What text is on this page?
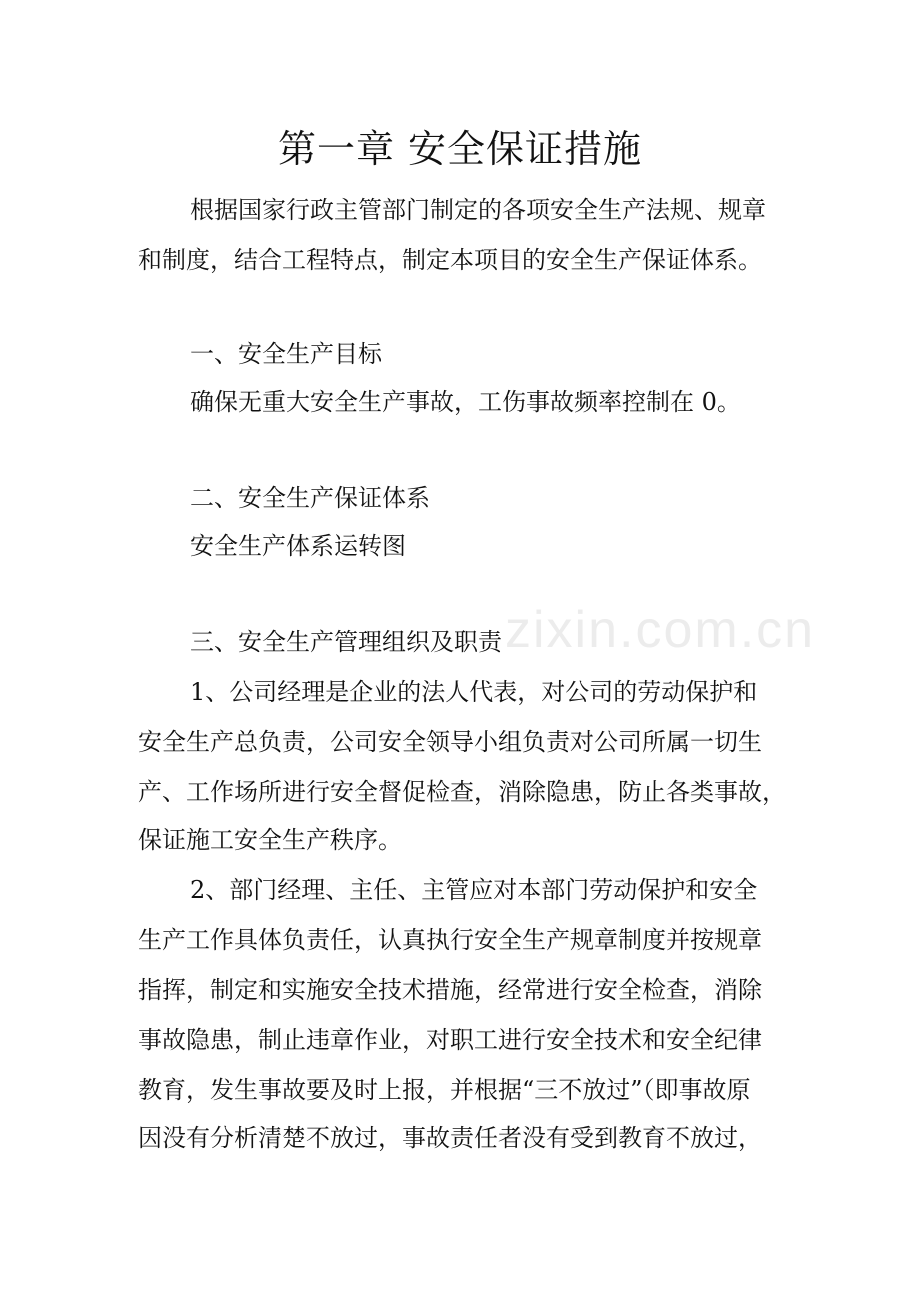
zixin.com.cn
第一章 安全保证措施
根据国家行政主管部门制定的各项安全生产法规、规章
和制度，结合工程特点，制定本项目的安全生产保证体系。
一、安全生产目标
确保无重大安全生产事故，工伤事故频率控制在 0。
二、安全生产保证体系
安全生产体系运转图
三、安全生产管理组织及职责
1、公司经理是企业的法人代表，对公司的劳动保护和
安全生产总负责，公司安全领导小组负责对公司所属一切生
产、工作场所进行安全督促检查，消除隐患，防止各类事故，
保证施工安全生产秩序。
2、部门经理、主任、主管应对本部门劳动保护和安全
生产工作具体负责任，认真执行安全生产规章制度并按规章
指挥，制定和实施安全技术措施，经常进行安全检查，消除
事故隐患，制止违章作业，对职工进行安全技术和安全纪律
教育，发生事故要及时上报，并根据“三不放过”（即事故原
因没有分析清楚不放过，事故责任者没有受到教育不放过，
